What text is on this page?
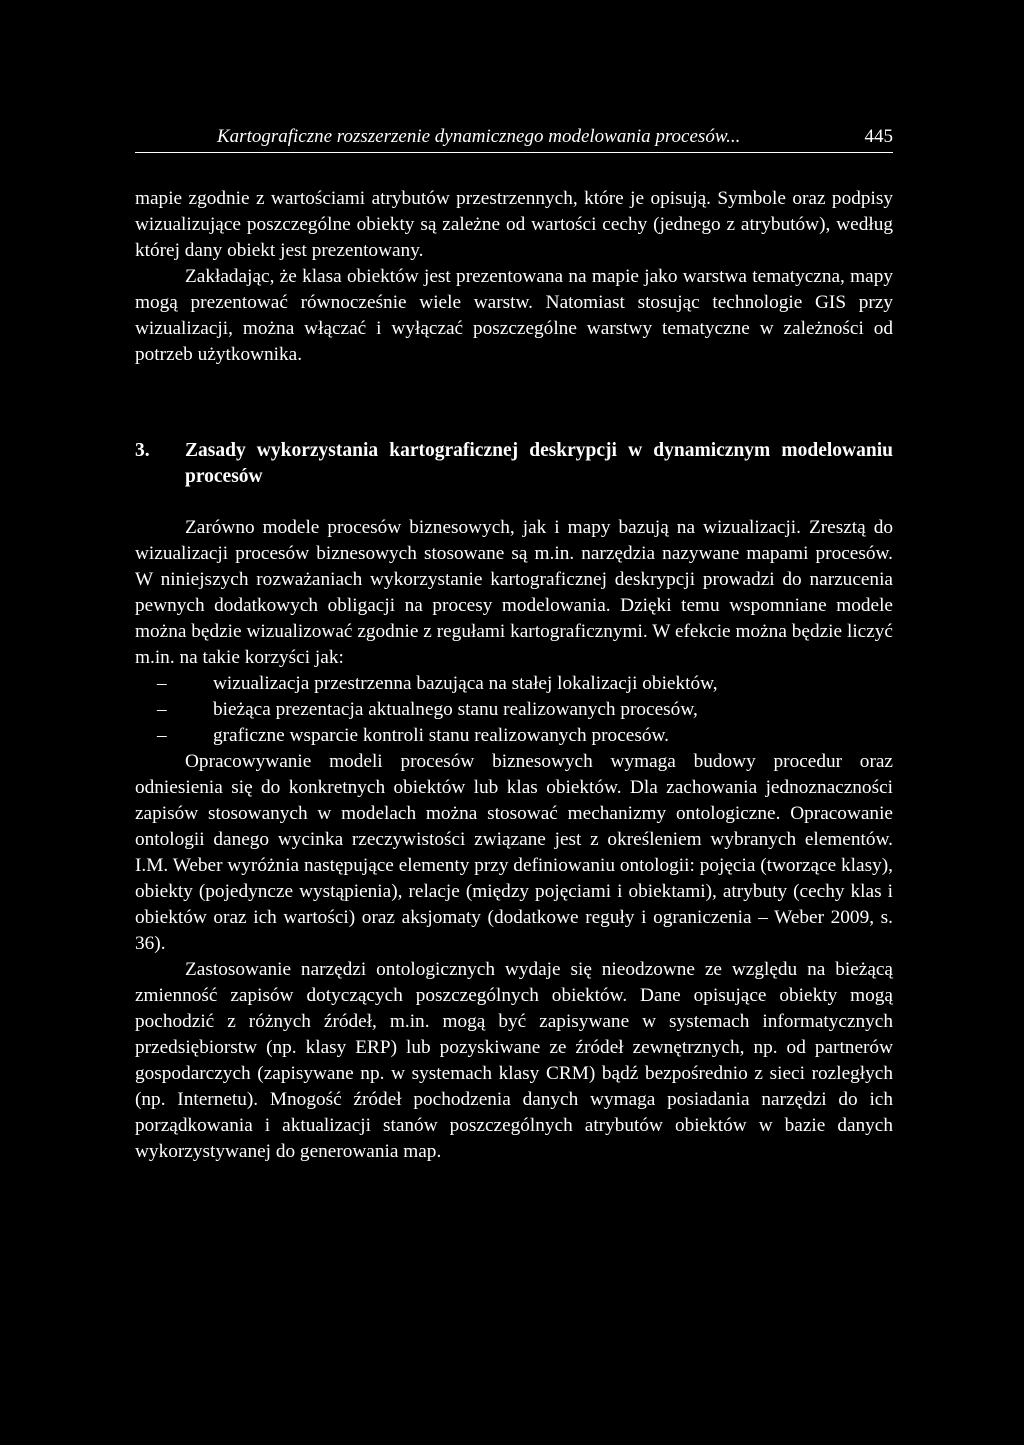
Kartograficzne rozszerzenie dynamicznego modelowania procesów...	445

mapie zgodnie z wartościami atrybutów przestrzennych, które je opisują. Symbole oraz podpisy wizualizujące poszczególne obiekty są zależne od wartości cechy (jednego z atrybutów), według której dany obiekt jest prezentowany.

Zakładając, że klasa obiektów jest prezentowana na mapie jako warstwa tematyczna, mapy mogą prezentować równocześnie wiele warstw. Natomiast stosując technologie GIS przy wizualizacji, można włączać i wyłączać poszczególne warstwy tematyczne w zależności od potrzeb użytkownika.

3.	Zasady wykorzystania kartograficznej deskrypcji w dynamicznym modelowaniu procesów

Zarówno modele procesów biznesowych, jak i mapy bazują na wizualizacji. Zresztą do wizualizacji procesów biznesowych stosowane są m.in. narzędzia nazywane mapami procesów. W niniejszych rozważaniach wykorzystanie kartograficznej deskrypcji prowadzi do narzucenia pewnych dodatkowych obligacji na procesy modelowania. Dzięki temu wspomniane modele można będzie wizualizować zgodnie z regułami kartograficznymi. W efekcie można będzie liczyć m.in. na takie korzyści jak:

– wizualizacja przestrzenna bazująca na stałej lokalizacji obiektów,
– bieżąca prezentacja aktualnego stanu realizowanych procesów,
– graficzne wsparcie kontroli stanu realizowanych procesów.

Opracowywanie modeli procesów biznesowych wymaga budowy procedur oraz odniesienia się do konkretnych obiektów lub klas obiektów. Dla zachowania jednoznaczności zapisów stosowanych w modelach można stosować mechanizmy ontologiczne. Opracowanie ontologii danego wycinka rzeczywistości związane jest z określeniem wybranych elementów. I.M. Weber wyróżnia następujące elementy przy definiowaniu ontologii: pojęcia (tworzące klasy), obiekty (pojedyncze wystąpienia), relacje (między pojęciami i obiektami), atrybuty (cechy klas i obiektów oraz ich wartości) oraz aksjomaty (dodatkowe reguły i ograniczenia – Weber 2009, s. 36).

Zastosowanie narzędzi ontologicznych wydaje się nieodzowne ze względu na bieżącą zmienność zapisów dotyczących poszczególnych obiektów. Dane opisujące obiekty mogą pochodzić z różnych źródeł, m.in. mogą być zapisywane w systemach informatycznych przedsiębiorstw (np. klasy ERP) lub pozyskiwane ze źródeł zewnętrznych, np. od partnerów gospodarczych (zapisywane np. w systemach klasy CRM) bądź bezpośrednio z sieci rozległych (np. Internetu). Mnogość źródeł pochodzenia danych wymaga posiadania narzędzi do ich porządkowania i aktualizacji stanów poszczególnych atrybutów obiektów w bazie danych wykorzystywanej do generowania map.
